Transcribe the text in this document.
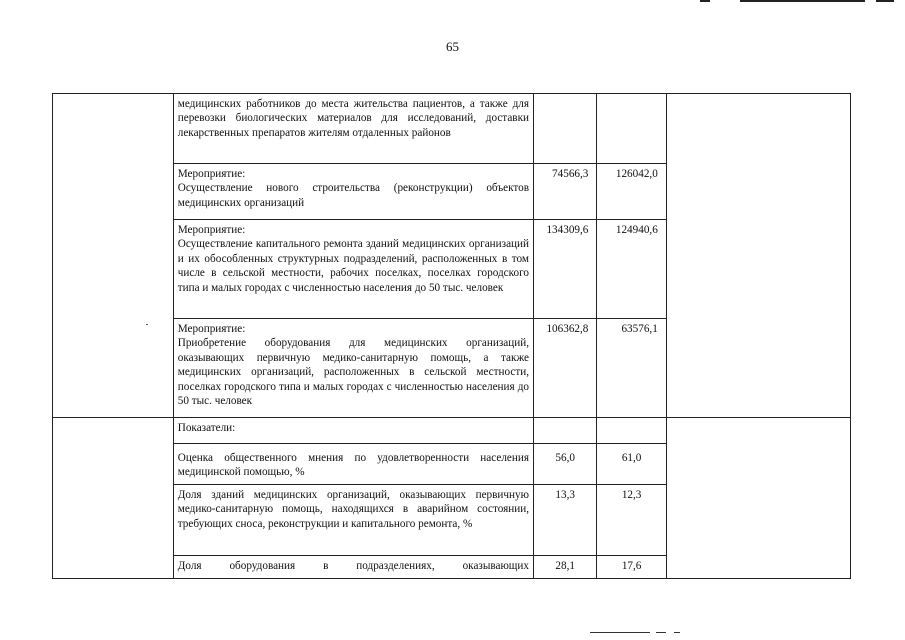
65

	медицинских работников до места жительства пациентов, а также для перевозки биологических материалов для исследований, доставки лекарственных препаратов жителям отдаленных районов			

	Мероприятие:
Осуществление нового строительства (реконструкции) объектов медицинских организаций	74566,3	126042,0	

	Мероприятие:
Осуществление капитального ремонта зданий медицинских организаций и их обособленных структурных подразделений, расположенных в том числе в сельской местности, рабочих поселках, поселках городского типа и малых городах с численностью населения до 50 тыс. человек	134309,6	124940,6	

	Мероприятие:
Приобретение оборудования для медицинских организаций, оказывающих первичную медико-санитарную помощь, а также медицинских организаций, расположенных в сельской местности, поселках городского типа и малых городах с численностью населения до 50 тыс. человек	106362,8	63576,1	

	Показатели:			

	Оценка общественного мнения по удовлетворенности населения медицинской помощью, %	56,0	61,0	

	Доля зданий медицинских организаций, оказывающих первичную медико-санитарную помощь, находящихся в аварийном состоянии, требующих сноса, реконструкции и капитального ремонта, %	13,3	12,3	

	Доля оборудования в подразделениях, оказывающих	28,1	17,6	
